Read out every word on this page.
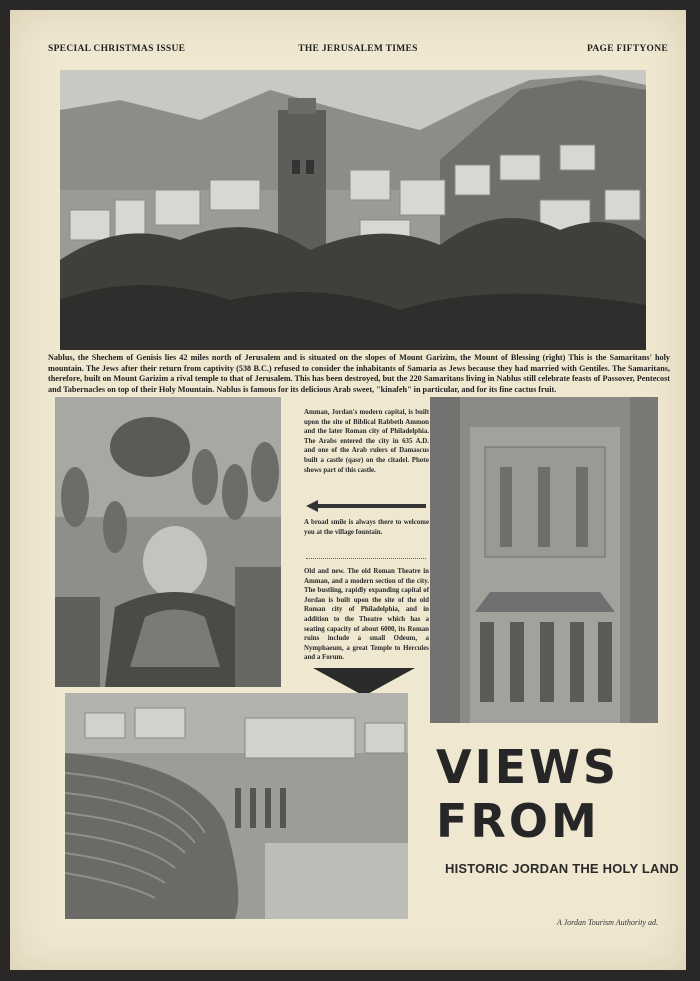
SPECIAL CHRISTMAS ISSUE	THE JERUSALEM TIMES	PAGE FIFTYONE
Nablus, the Shechem of Genisis lies 42 miles north of Jerusalem and is situated on the slopes of Mount Garizim, the Mount of Blessing (right) This is the Samaritans' holy mountain. The Jews after their return from captivity (538 B.C.) refused to consider the inhabitants of Samaria as Jews because they had married with Gentiles. The Samaritans, therefore, built on Mount Garizim a rival temple to that of Jerusalem. This has been destroyed, but the 220 Samaritans living in Nablus still celebrate feasts of Passover, Pentecost and Tabernacles on top of their Holy Mountain. Nablus is famous for its delicious Arab sweet, "kinafeh" in particular, and for its fine cactus fruit.

Amman, Jordan's modern capital, is built upon the site of Biblical Rabbeth Ammon and the later Roman city of Philadelphia. The Arabs entered the city in 635 A.D. and one of the Arab rulers of Damascus built a castle (qasr) on the citadel. Photo shows part of this castle.

A broad smile is always there to welcome you at the village fountain.

Old and new. The old Roman Theatre in Amman, and a modern section of the city. The bustling, rapidly expanding capital of Jordan is built upon the site of the old Roman city of Philadelphia, and in addition to the Theatre which has a seating capacity of about 6000, its Roman ruins include a small Odeum, a Nymphaeum, a great Temple to Hercules and a Forum.

VIEWS
FROM
HISTORIC JORDAN THE HOLY LAND
A Jordan Tourism Authority ad.
